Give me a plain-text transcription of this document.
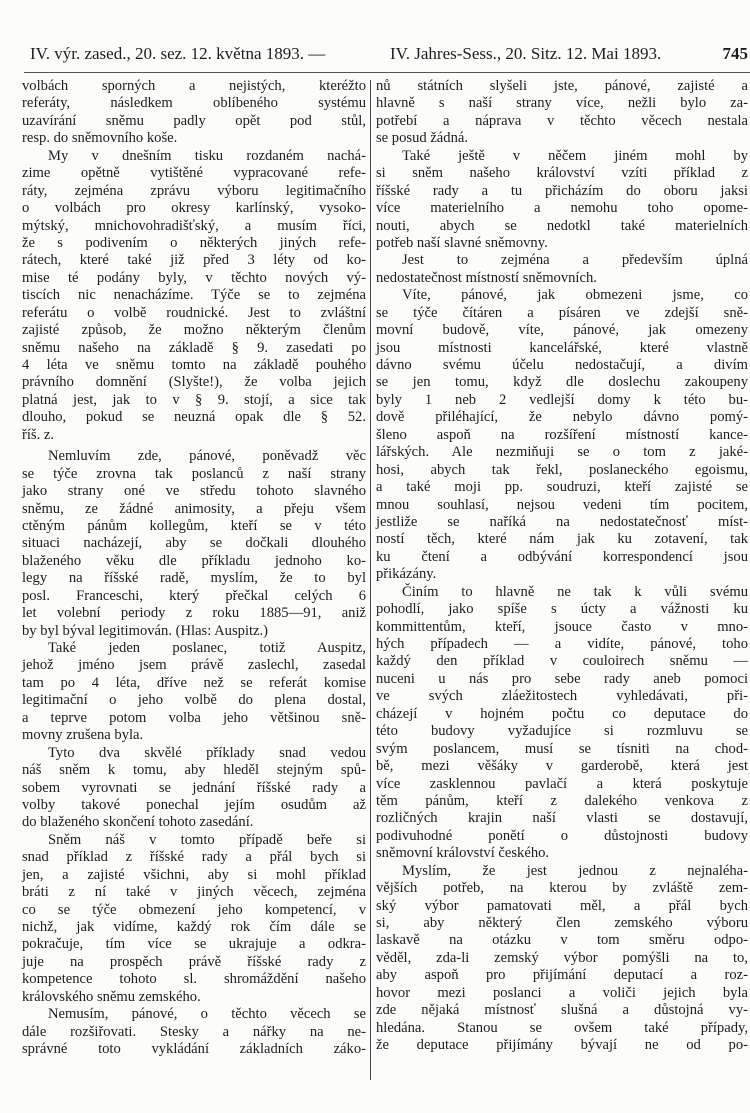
IV. výr. zased., 20. sez. 12. května 1893. —	IV. Jahres-Sess., 20. Sitz. 12. Mai 1893.	745
volbách sporných a nejistých, kteréžto
referáty, následkem oblíbeného systému
uzavírání sněmu padly opět pod stůl,
resp. do sněmovního koše.
My v dnešním tisku rozdaném nachá-
zime opětně vytištěné vypracované refe-
ráty, zejména zprávu výboru legitimačního
o volbách pro okresy karlínský, vysoko-
mýtský, mnichovohradišťský, a musím říci,
že s podivením o některých jiných refe-
rátech, které také již před 3 léty od ko-
mise té podány byly, v těchto nových vý-
tiscích nic nenacházíme. Týče se to zejména
referátu o volbě roudnické. Jest to zvláštní
zajisté způsob, že možno některým členům
sněmu našeho na základě § 9. zasedati po
4 léta ve sněmu tomto na základě pouhého
právního domnění (Slyšte!), že volba jejich
platná jest, jak to v § 9. stojí, a sice tak
dlouho, pokud se neuzná opak dle § 52.
říš. z.
Nemluvím zde, pánové, poněvadž věc
se týče zrovna tak poslanců z naší strany
jako strany oné ve středu tohoto slavného
sněmu, ze žádné animosity, a přeju všem
ctěným pánům kollegům, kteří se v této
situaci nacházejí, aby se dočkali dlouhého
blaženého věku dle příkladu jednoho ko-
legy na říšské radě, myslím, že to byl
posl. Franceschi, který přečkal celých 6
let volební periody z roku 1885—91, aniž
by byl býval legitimován. (Hlas: Auspitz.)
Také jeden poslanec, totiž Auspitz,
jehož jméno jsem právě zaslechl, zasedal
tam po 4 léta, dříve než se referát komise
legitimační o jeho volbě do plena dostal,
a teprve potom volba jeho většinou sně-
movny zrušena byla.
Tyto dva skvělé příklady snad vedou
náš sněm k tomu, aby hleděl stejným spů-
sobem vyrovnati se jednání říšské rady a
volby takové ponechal jejím osudům až
do blaženého skončení tohoto zasedání.
Sněm náš v tomto případě beře si
snad příklad z říšské rady a přál bych si
jen, a zajisté všichni, aby si mohl příklad
bráti z ní také v jiných věcech, zejména
co se týče obmezení jeho kompetencí, v
nichž, jak vidíme, každý rok čím dále se
pokračuje, tím více se ukrajuje a odkra-
juje na prospěch právě říšské rady z
kompetence tohoto sl. shromáždění našeho
královského sněmu zemského.
Nemusím, pánové, o těchto věcech se
dále rozšiřovati. Stesky a nářky na ne-
správné toto vykládání základních záko-
nů státních slyšeli jste, pánové, zajisté a
hlavně s naší strany více, nežli bylo za-
potřebí a náprava v těchto věcech nestala
se posud žádná.
Také ještě v něčem jiném mohl by
si sněm našeho království vzíti příklad z
říšské rady a tu přicházím do oboru jaksi
více materielního a nemohu toho opome-
nouti, abych se nedotkl také materielních
potřeb naší slavné sněmovny.
Jest to zejména a především úplná
nedostatečnost místností sněmovních.
Víte, pánové, jak obmezeni jsme, co
se týče čítáren a písáren ve zdejší sně-
movní budově, víte, pánové, jak omezeny
jsou místnosti kancelářské, které vlastně
dávno svému účelu nedostačují, a divím
se jen tomu, když dle doslechu zakoupeny
byly 1 neb 2 vedlejší domy k této bu-
dově přiléhající, že nebylo dávno pomý-
šleno aspoň na rozšíření místností kance-
lářských. Ale nezmiňuji se o tom z jaké-
hosi, abych tak řekl, poslaneckého egoismu,
a také moji pp. soudruzi, kteří zajisté se
mnou souhlasí, nejsou vedeni tím pocitem,
jestliže se naříká na nedostatečnosť míst-
ností těch, které nám jak ku zotavení, tak
ku čtení a odbývání korrespondencí jsou
přikázány.
Činím to hlavně ne tak k vůli svému
pohodlí, jako spíše s úcty a vážnosti ku
kommittentům, kteří, jsouce často v mno-
hých případech — a vidíte, pánové, toho
každý den příklad v couloirech sněmu —
nuceni u nás pro sebe rady aneb pomoci
ve svých zláežitostech vyhledávati, při-
cházejí v hojném počtu co deputace do
této budovy vyžadujíce si rozmluvu se
svým poslancem, musí se tísniti na chod-
bě, mezi věšáky v garderobě, která jest
více zasklennou pavlačí a která poskytuje
těm pánům, kteří z dalekého venkova z
rozličných krajin naší vlasti se dostavují,
podivuhodné ponětí o důstojnosti budovy
sněmovní království českého.
Myslím, že jest jednou z nejnaléha-
vějších potřeb, na kterou by zvláště zem-
ský výbor pamatovati měl, a přál bych
si, aby některý člen zemského výboru
laskavě na otázku v tom směru odpo-
věděl, zda-li zemský výbor pomýšli na to,
aby aspoň pro přijímání deputací a roz-
hovor mezi poslanci a voliči jejich byla
zde nějaká místnosť slušná a důstojná vy-
hledána. Stanou se ovšem také případy,
že deputace přijímány bývají ne od po-
